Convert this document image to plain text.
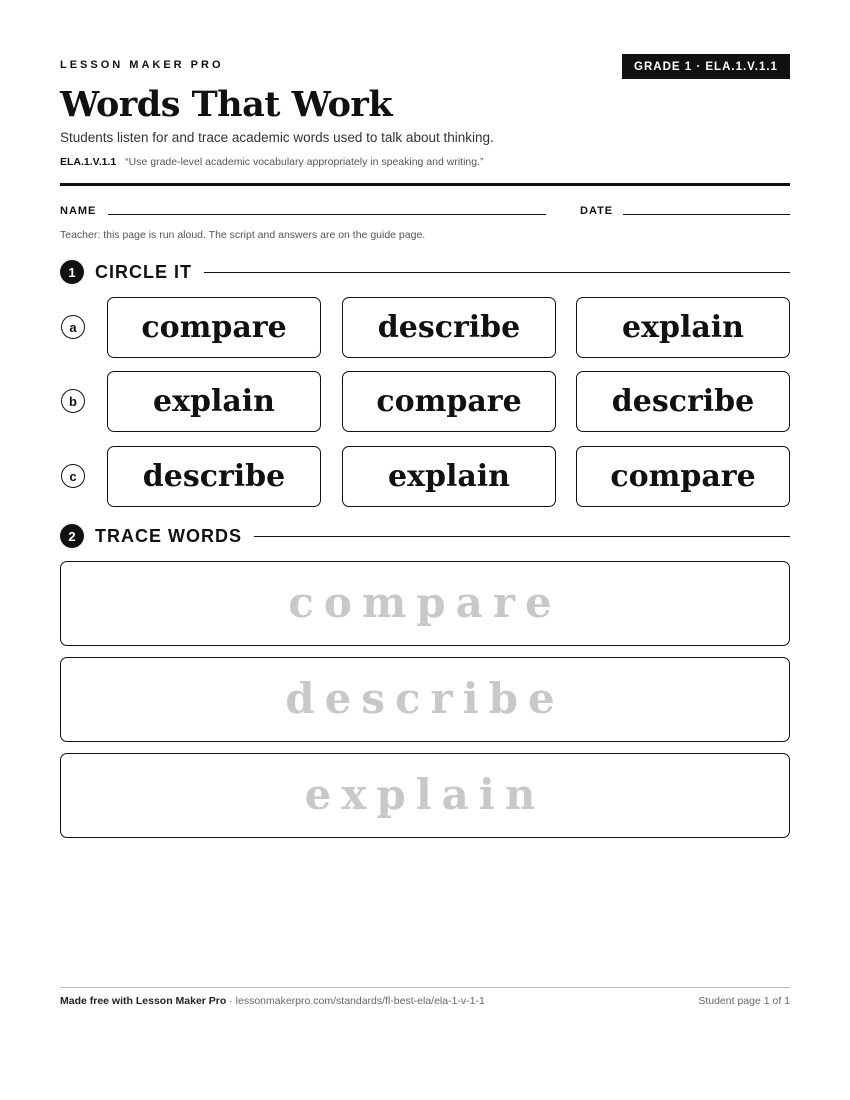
LESSON MAKER PRO	GRADE 1 · ELA.1.V.1.1
Words That Work
Students listen for and trace academic words used to talk about thinking.
ELA.1.V.1.1 “Use grade-level academic vocabulary appropriately in speaking and writing.”
NAME	DATE
Teacher: this page is run aloud. The script and answers are on the guide page.
1	CIRCLE IT
a	compare	describe	explain
b	explain	compare	describe
c	describe	explain	compare
2	TRACE WORDS
compare
describe
explain
Made free with Lesson Maker Pro · lessonmakerpro.com/standards/fl-best-ela/ela-1-v-1-1	Student page 1 of 1
